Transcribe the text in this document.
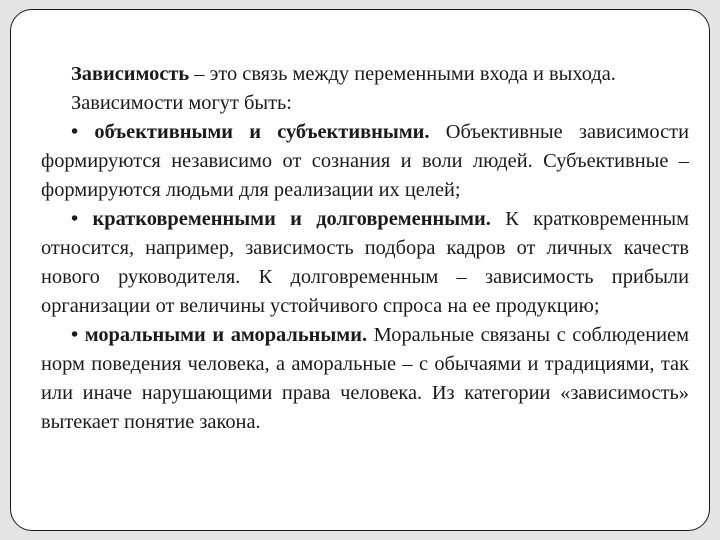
Зависимость – это связь между переменными входа и выхода.

Зависимости могут быть:

• объективными и субъективными. Объективные зависимости формируются независимо от сознания и воли людей. Субъективные – формируются людьми для реализации их целей;

• кратковременными и долговременными. К кратковременным относится, например, зависимость подбора кадров от личных качеств нового руководителя. К долговременным – зависимость прибыли организации от величины устойчивого спроса на ее продукцию;

• моральными и аморальными. Моральные связаны с соблюдением норм поведения человека, а аморальные – с обычаями и традициями, так или иначе нарушающими права человека. Из категории «зависимость» вытекает понятие закона.
